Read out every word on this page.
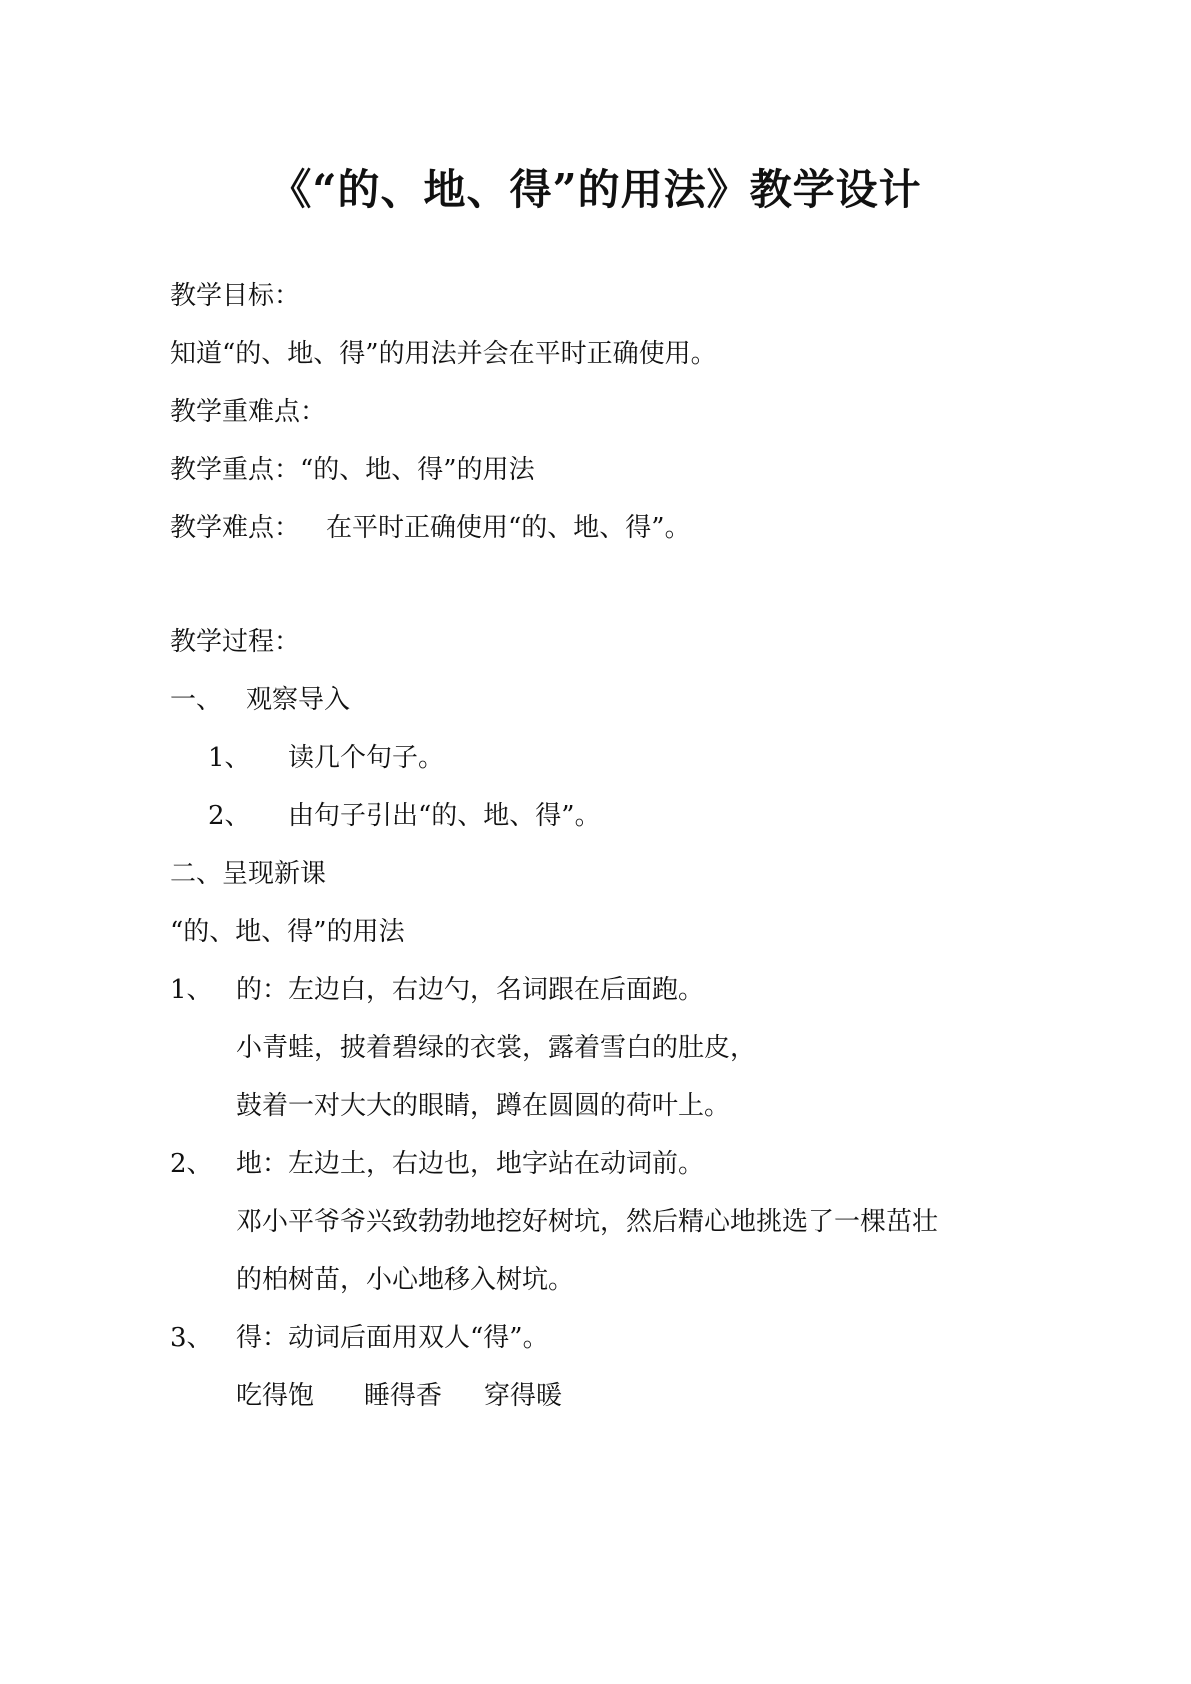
《“的、地、得”的用法》教学设计
教学目标：
知道“的、地、得”的用法并会在平时正确使用。
教学重难点：
教学重点：“的、地、得”的用法
教学难点： 在平时正确使用“的、地、得”。
教学过程：
一、 观察导入
1、 读几个句子。
2、 由句子引出“的、地、得”。
二、呈现新课
“的、地、得”的用法
1、 的：左边白，右边勺，名词跟在后面跑。
小青蛙，披着碧绿的衣裳，露着雪白的肚皮，
鼓着一对大大的眼睛，蹲在圆圆的荷叶上。
2、 地：左边土，右边也，地字站在动词前。
邓小平爷爷兴致勃勃地挖好树坑，然后精心地挑选了一棵茁壮
的柏树苗，小心地移入树坑。
3、 得：动词后面用双人“得”。
吃得饱 睡得香 穿得暖
